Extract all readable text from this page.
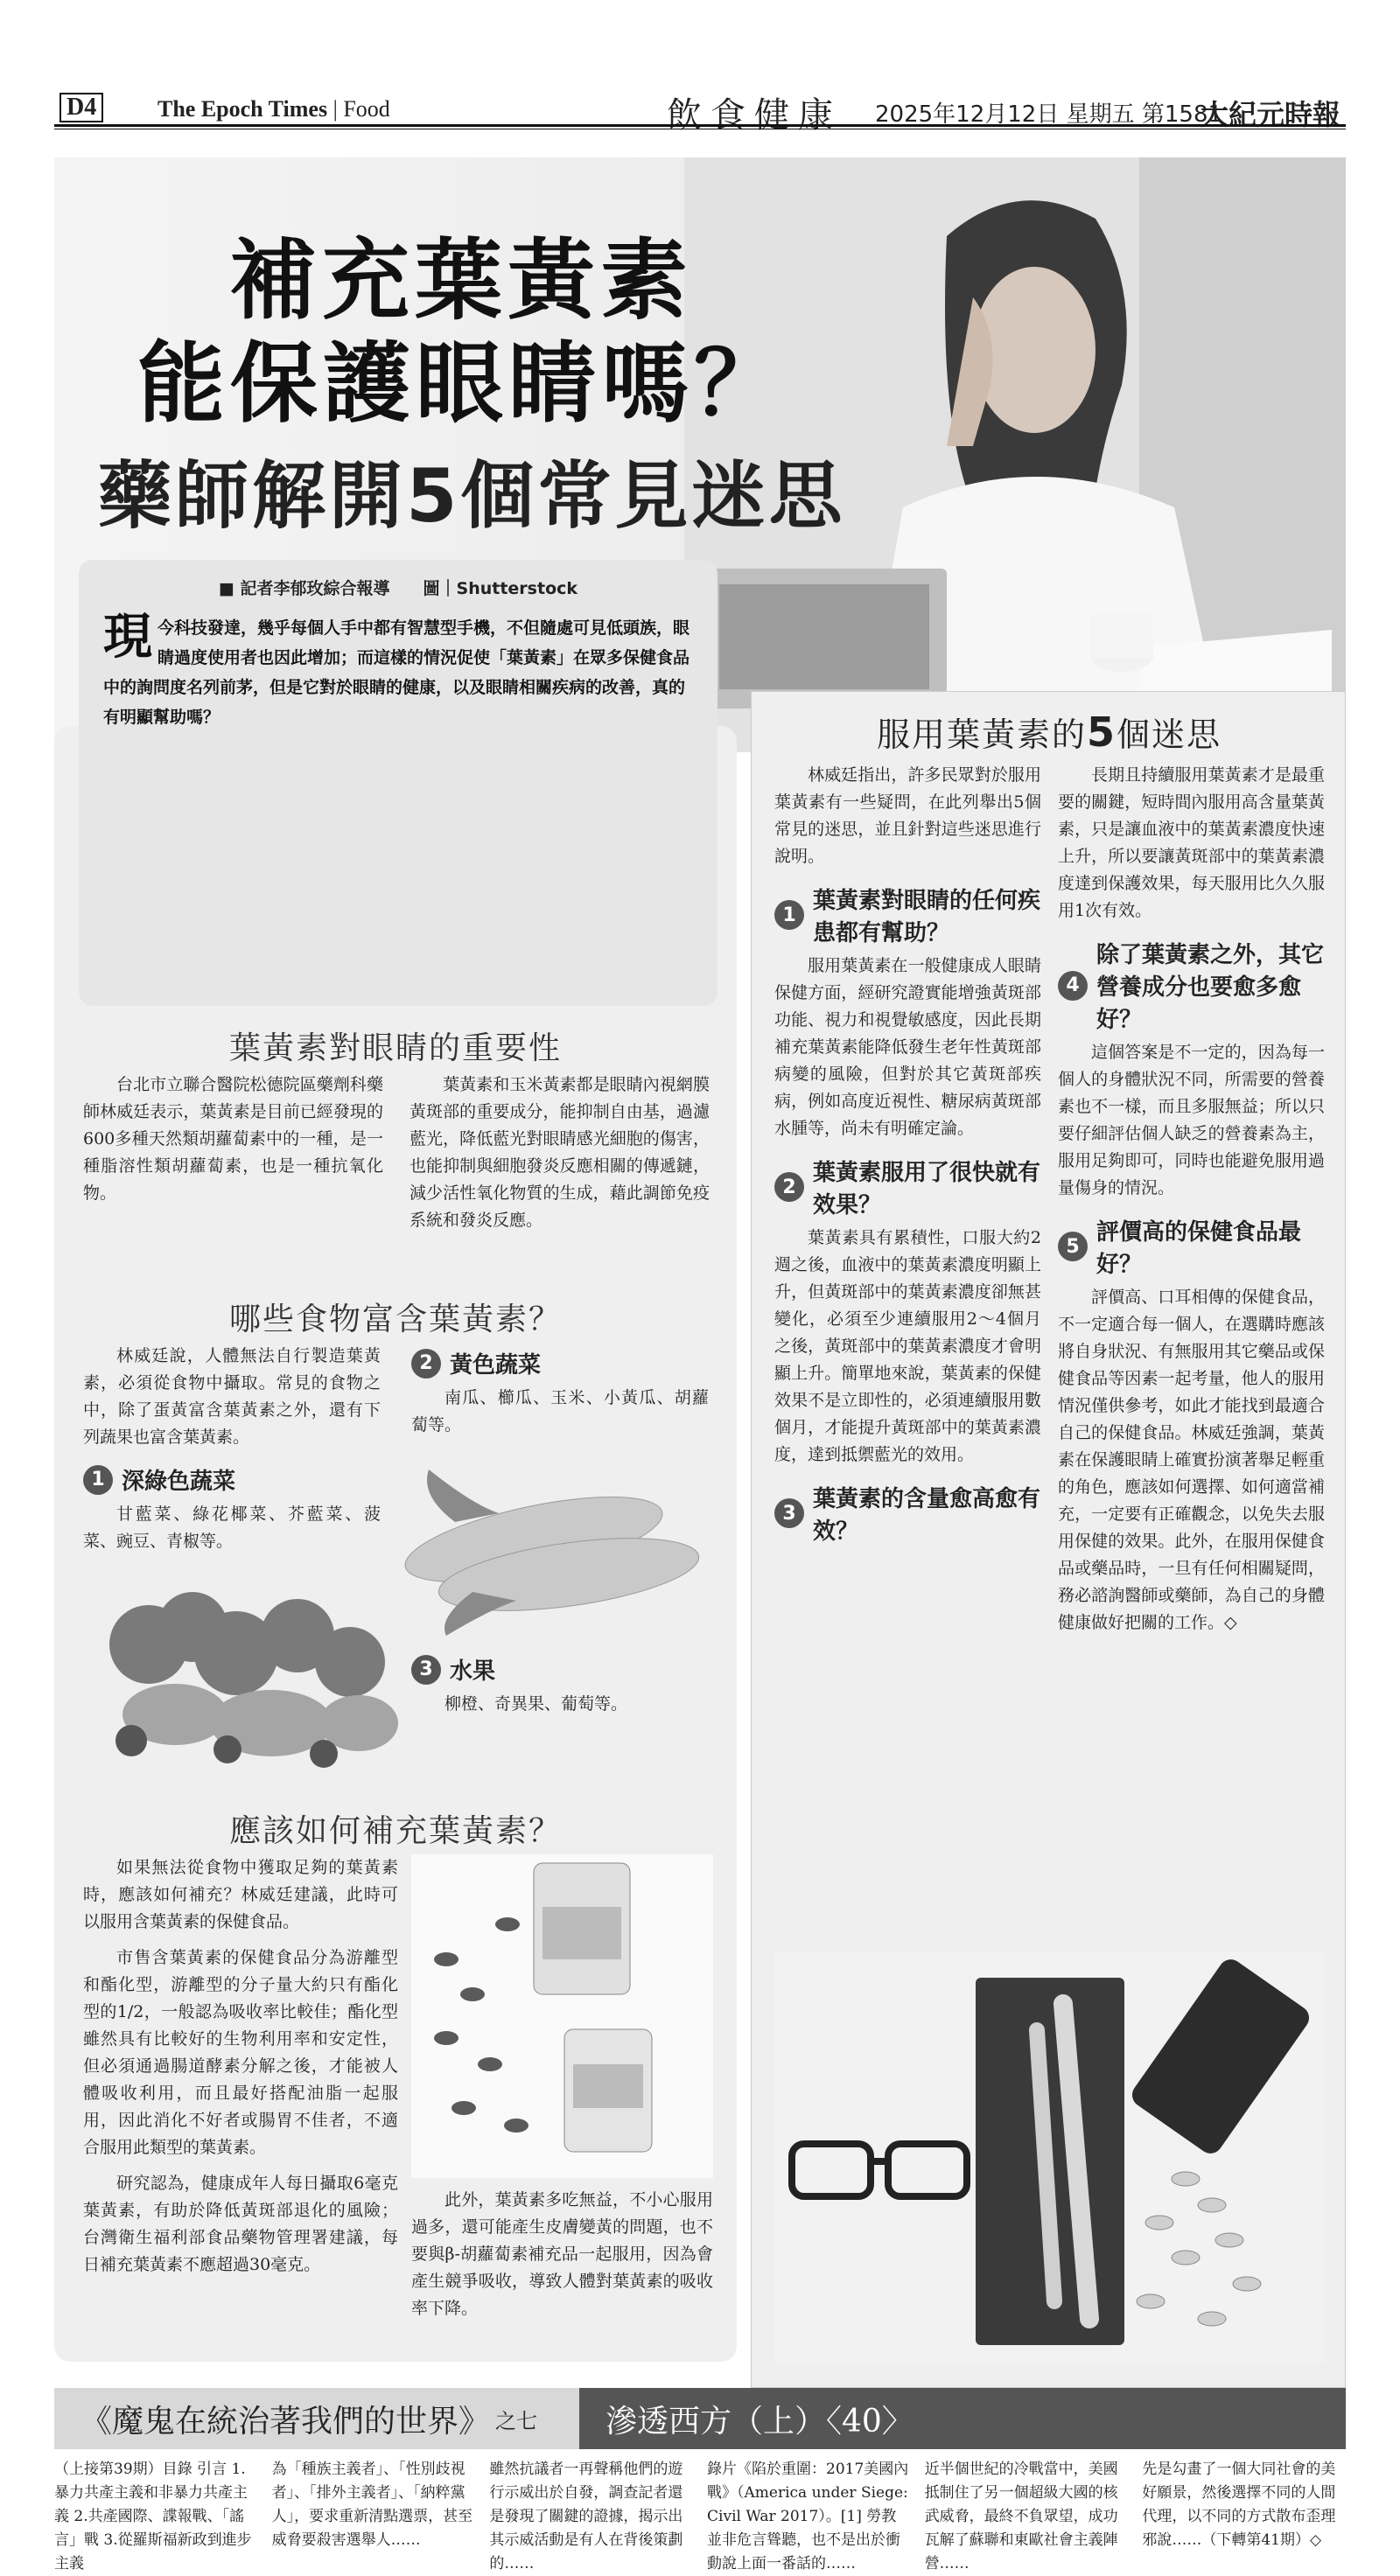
D4	The Epoch Times | Food	飲食健康 2025年12月12日 星期五 第1581
大紀元時報
補充葉黃素
能保護眼睛嗎？
藥師解開5個常見迷思
■ 記者李郁玫綜合報導　　圖｜Shutterstock
現今科技發達，幾乎每個人手中都有智慧型手機，不但隨處可見低頭族，眼睛過度使用者也因此增加；而這樣的情況促使「葉黃素」在眾多保健食品中的詢問度名列前茅，但是它對於眼睛的健康，以及眼睛相關疾病的改善，真的有明顯幫助嗎？
葉黃素對眼睛的重要性

台北市立聯合醫院松德院區藥劑科藥師林威廷表示，葉黃素是目前已經發現的600多種天然類胡蘿蔔素中的一種，是一種脂溶性類胡蘿蔔素，也是一種抗氧化物。

葉黃素和玉米黃素都是眼睛內視網膜黃斑部的重要成分，能抑制自由基，過濾藍光，降低藍光對眼睛感光細胞的傷害，也能抑制與細胞發炎反應相關的傳遞鏈，減少活性氧化物質的生成，藉此調節免疫系統和發炎反應。

哪些食物富含葉黃素？

林威廷說，人體無法自行製造葉黃素，必須從食物中攝取。常見的食物之中，除了蛋黃富含葉黃素之外，還有下列蔬果也富含葉黃素。

1 深綠色蔬菜

甘藍菜、綠花椰菜、芥藍菜、菠菜、豌豆、青椒等。

2 黃色蔬菜

南瓜、櫛瓜、玉米、小黃瓜、胡蘿蔔等。

3 水果

柳橙、奇異果、葡萄等。

應該如何補充葉黃素？

如果無法從食物中獲取足夠的葉黃素時，應該如何補充？林威廷建議，此時可以服用含葉黃素的保健食品。

市售含葉黃素的保健食品分為游離型和酯化型，游離型的分子量大約只有酯化型的1/2，一般認為吸收率比較佳；酯化型雖然具有比較好的生物利用率和安定性，但必須通過腸道酵素分解之後，才能被人體吸收利用，而且最好搭配油脂一起服用，因此消化不好者或腸胃不佳者，不適合服用此類型的葉黃素。

研究認為，健康成年人每日攝取6毫克葉黃素，有助於降低黃斑部退化的風險；台灣衛生福利部食品藥物管理署建議，每日補充葉黃素不應超過30毫克。

此外，葉黃素多吃無益，不小心服用過多，還可能產生皮膚變黃的問題，也不要與β-胡蘿蔔素補充品一起服用，因為會產生競爭吸收，導致人體對葉黃素的吸收率下降。

服用葉黃素的5個迷思

林威廷指出，許多民眾對於服用葉黃素有一些疑問，在此列舉出5個常見的迷思，並且針對這些迷思進行說明。

1
葉黃素對眼睛的任何疾患都有幫助？

服用葉黃素在一般健康成人眼睛保健方面，經研究證實能增強黃斑部功能、視力和視覺敏感度，因此長期補充葉黃素能降低發生老年性黃斑部病變的風險，但對於其它黃斑部疾病，例如高度近視性、糖尿病黃斑部水腫等，尚未有明確定論。

2
葉黃素服用了很快就有效果？

葉黃素具有累積性，口服大約2週之後，血液中的葉黃素濃度明顯上升，但黃斑部中的葉黃素濃度卻無甚變化，必須至少連續服用2～4個月之後，黃斑部中的葉黃素濃度才會明顯上升。簡單地來說，葉黃素的保健效果不是立即性的，必須連續服用數個月，才能提升黃斑部中的葉黃素濃度，達到抵禦藍光的效用。

3
葉黃素的含量愈高愈有效？

長期且持續服用葉黃素才是最重要的關鍵，短時間內服用高含量葉黃素，只是讓血液中的葉黃素濃度快速上升，所以要讓黃斑部中的葉黃素濃度達到保護效果，每天服用比久久服用1次有效。

4
除了葉黃素之外，其它營養成分也要愈多愈好？

這個答案是不一定的，因為每一個人的身體狀況不同，所需要的營養素也不一樣，而且多服無益；所以只要仔細評估個人缺乏的營養素為主，服用足夠即可，同時也能避免服用過量傷身的情況。

5
評價高的保健食品最好？

評價高、口耳相傳的保健食品，不一定適合每一個人，在選購時應該將自身狀況、有無服用其它藥品或保健食品等因素一起考量，他人的服用情況僅供參考，如此才能找到最適合自己的保健食品。林威廷強調，葉黃素在保護眼睛上確實扮演著舉足輕重的角色，應該如何選擇、如何適當補充，一定要有正確觀念，以免失去服用保健的效果。此外，在服用保健食品或藥品時，一旦有任何相關疑問，務必諮詢醫師或藥師，為自己的身體健康做好把關的工作。◇

《魔鬼在統治著我們的世界》 之七	滲透西方（上）〈40〉
（上接第39期）目錄 引言 1.暴力共產主義和非暴力共產主義 2.共產國際、諜報戰、「謠言」戰 3.從羅斯福新政到進步主義
為「種族主義者」、「性別歧視者」、「排外主義者」、「納粹黨人」，要求重新清點選票，甚至威脅要殺害選舉人……
雖然抗議者一再聲稱他們的遊行示威出於自發，調查記者還是發現了關鍵的證據，揭示出其示威活動是有人在背後策劃的……
錄片《陷於重圍：2017美國內戰》（America under Siege: Civil War 2017）。[1] 勞教並非危言聳聽，也不是出於衝動說上面一番話的……
近半個世紀的冷戰當中，美國抵制住了另一個超級大國的核武威脅，最終不負眾望，成功瓦解了蘇聯和東歐社會主義陣營……
先是勾畫了一個大同社會的美好願景，然後選擇不同的人間代理，以不同的方式散布歪理邪說……（下轉第41期）◇
